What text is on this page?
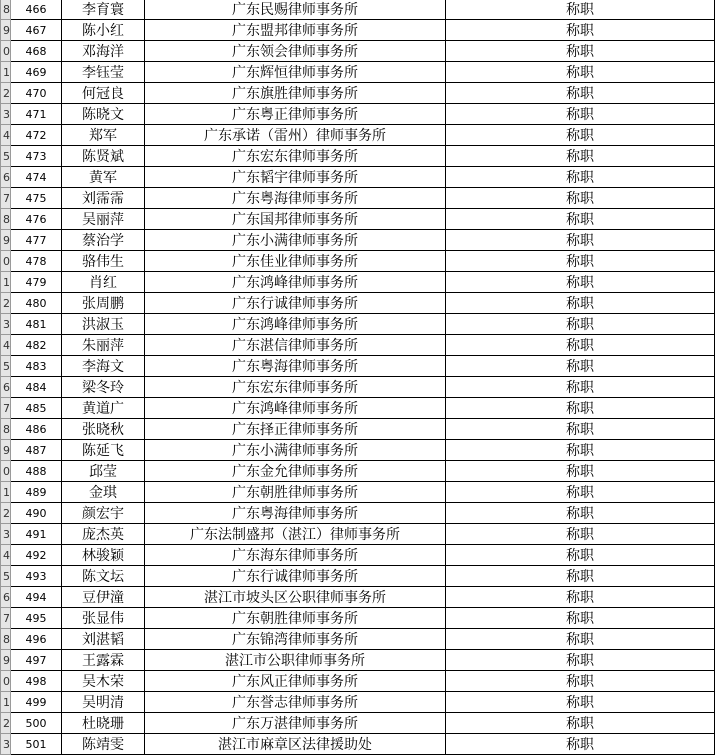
8	466	李育寰	广东民赐律师事务所	称职
9	467	陈小红	广东盟邦律师事务所	称职
0	468	邓海洋	广东领会律师事务所	称职
1	469	李钰莹	广东辉恒律师事务所	称职
2	470	何冠良	广东旗胜律师事务所	称职
3	471	陈晓文	广东粤正律师事务所	称职
4	472	郑军	广东承诺（雷州）律师事务所	称职
5	473	陈贤斌	广东宏东律师事务所	称职
6	474	黄军	广东韬宇律师事务所	称职
7	475	刘霈霈	广东粤海律师事务所	称职
8	476	吴丽萍	广东国邦律师事务所	称职
9	477	蔡治学	广东小满律师事务所	称职
0	478	骆伟生	广东佳业律师事务所	称职
1	479	肖红	广东鸿峰律师事务所	称职
2	480	张周鹏	广东行诚律师事务所	称职
3	481	洪淑玉	广东鸿峰律师事务所	称职
4	482	朱丽萍	广东湛信律师事务所	称职
5	483	李海文	广东粤海律师事务所	称职
6	484	梁冬玲	广东宏东律师事务所	称职
7	485	黄道广	广东鸿峰律师事务所	称职
8	486	张晓秋	广东择正律师事务所	称职
9	487	陈延飞	广东小满律师事务所	称职
0	488	邱莹	广东金允律师事务所	称职
1	489	金琪	广东朝胜律师事务所	称职
2	490	颜宏宇	广东粤海律师事务所	称职
3	491	庞杰英	广东法制盛邦（湛江）律师事务所	称职
4	492	林骏颖	广东海东律师事务所	称职
5	493	陈文坛	广东行诚律师事务所	称职
6	494	豆伊潼	湛江市坡头区公职律师事务所	称职
7	495	张显伟	广东朝胜律师事务所	称职
8	496	刘湛韬	广东锦湾律师事务所	称职
9	497	王露霖	湛江市公职律师事务所	称职
0	498	吴木荣	广东风正律师事务所	称职
1	499	吴明清	广东誉志律师事务所	称职
2	500	杜晓珊	广东万湛律师事务所	称职
3	501	陈靖雯	湛江市麻章区法律援助处	称职
